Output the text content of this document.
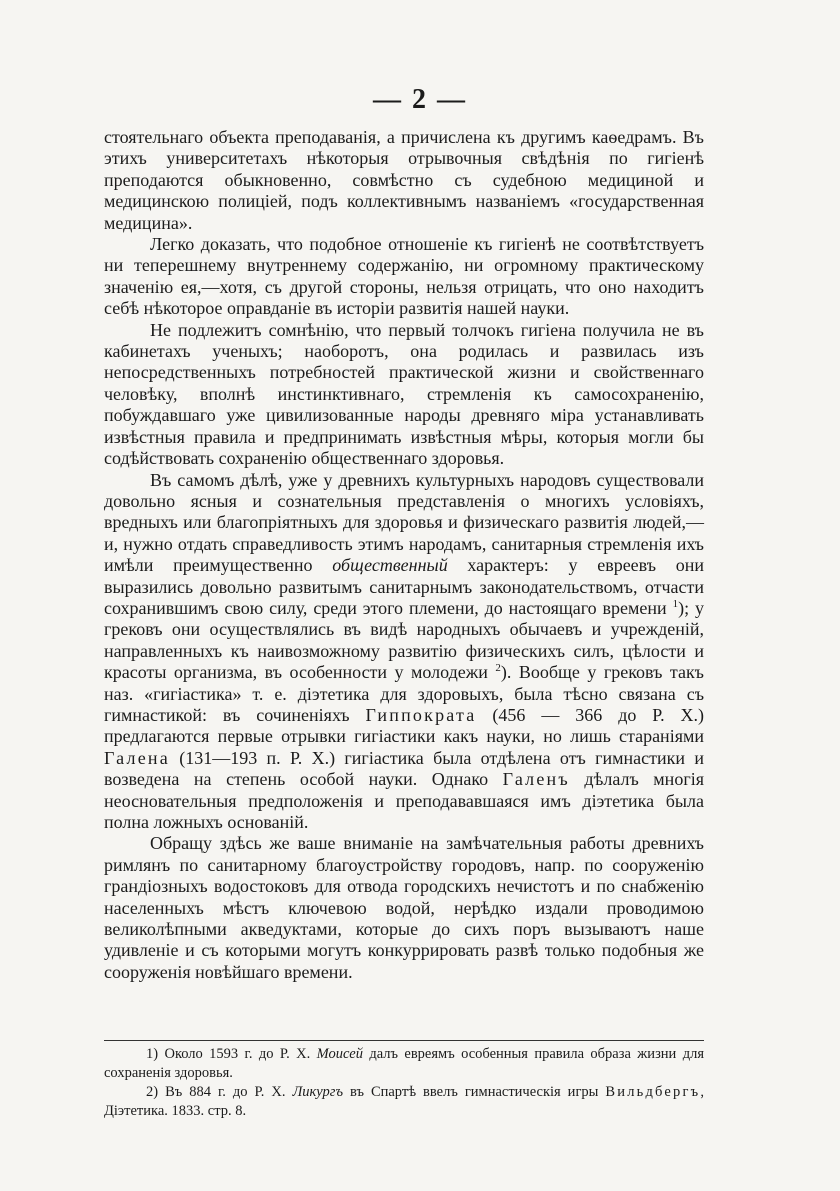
— 2 —

стоятельнаго объекта преподаванія, а причислена къ другимъ каѳедрамъ. Въ этихъ университетахъ нѣкоторыя отрывочныя свѣдѣнія по гигіенѣ преподаются обыкновенно, совмѣстно съ судебною медициной и медицинскою полиціей, подъ коллективнымъ названіемъ «государственная медицина».

Легко доказать, что подобное отношеніе къ гигіенѣ не соотвѣтствуетъ ни теперешнему внутреннему содержанію, ни огромному практическому значенію ея,—хотя, съ другой стороны, нельзя отрицать, что оно находитъ себѣ нѣкоторое оправданіе въ исторіи развитія нашей науки.

Не подлежитъ сомнѣнію, что первый толчокъ гигіена получила не въ кабинетахъ ученыхъ; наоборотъ, она родилась и развилась изъ непосредственныхъ потребностей практической жизни и свойственнаго человѣку, вполнѣ инстинктивнаго, стремленія къ самосохраненію, побуждавшаго уже цивилизованные народы древняго міра устанавливать извѣстныя правила и предпринимать извѣстныя мѣры, которыя могли бы содѣйствовать сохраненію общественнаго здоровья.

Въ самомъ дѣлѣ, уже у древнихъ культурныхъ народовъ существовали довольно ясныя и сознательныя представленія о многихъ условіяхъ, вредныхъ или благопріятныхъ для здоровья и физическаго развитія людей,—и, нужно отдать справедливость этимъ народамъ, санитарныя стремленія ихъ имѣли преимущественно общественный характеръ: у евреевъ они выразились довольно развитымъ санитарнымъ законодательствомъ, отчасти сохранившимъ свою силу, среди этого племени, до настоящаго времени $^1$); у грековъ они осуществлялись въ видѣ народныхъ обычаевъ и учрежденій, направленныхъ къ наивозможному развитію физическихъ силъ, цѣлости и красоты организма, въ особенности у молодежи $^2$). Вообще у грековъ такъ наз. «гигіастика» т. е. діэтетика для здоровыхъ, была тѣсно связана съ гимнастикой: въ сочиненіяхъ Гиппократа (456 — 366 до Р. Х.) предлагаются первые отрывки гигіастики какъ науки, но лишь стараніями Галена (131—193 п. Р. Х.) гигіастика была отдѣлена отъ гимнастики и возведена на степень особой науки. Однако Галенъ дѣлалъ многія неосновательныя предположенія и преподававшаяся имъ діэтетика была полна ложныхъ основаній.

Обращу здѣсь же ваше вниманіе на замѣчательныя работы древнихъ римлянъ по санитарному благоустройству городовъ, напр. по сооруженію грандіозныхъ водостоковъ для отвода городскихъ нечистотъ и по снабженію населенныхъ мѣстъ ключевою водой, нерѣдко издали проводимою великолѣпными акведуктами, которые до сихъ поръ вызываютъ наше удивленіе и съ которыми могутъ конкуррировать развѣ только подобныя же сооруженія новѣйшаго времени.

1) Около 1593 г. до Р. Х. Моисей далъ евреямъ особенныя правила образа жизни для сохраненія здоровья.

2) Въ 884 г. до Р. Х. Ликургъ въ Спартѣ ввелъ гимнастическія игры Вильдбергъ, Діэтетика. 1833. стр. 8.
